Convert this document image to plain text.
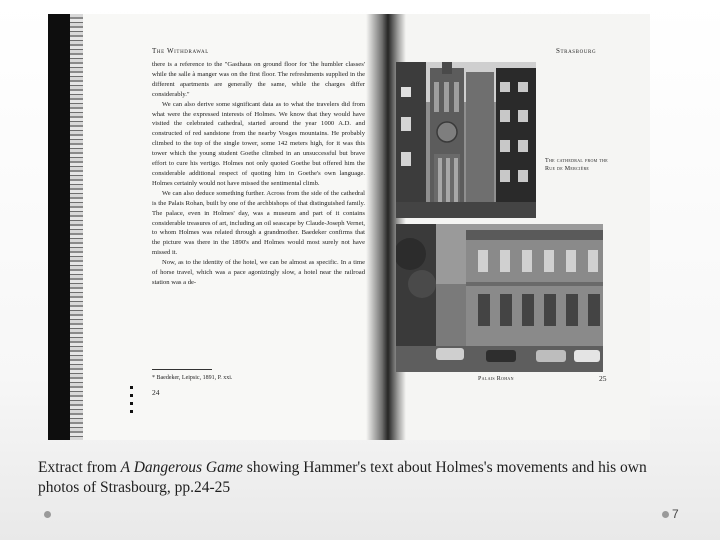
The Withdrawal

there is a reference to the "Gasthaus on ground floor for 'the humbler classes' while the salle à manger was on the first floor. The refreshments supplied in the different apartments are generally the same, while the charges differ considerably."

We can also derive some significant data as to what the travelers did from what were the expressed interests of Holmes. We know that they would have visited the celebrated cathedral, started around the year 1000 A.D. and constructed of red sandstone from the nearby Vosges mountains. He probably climbed to the top of the single tower, some 142 meters high, for it was this tower which the young student Goethe climbed in an unsuccessful but brave effort to cure his vertigo. Holmes not only quoted Goethe but offered him the considerable additional respect of quoting him in Goethe's own language. Holmes certainly would not have missed the sentimental climb.

We can also deduce something further. Across from the side of the cathedral is the Palais Rohan, built by one of the archbishops of that distinguished family. The palace, even in Holmes' day, was a museum and part of it contains considerable treasures of art, including an oil seascape by Claude-Joseph Vernet, to whom Holmes was related through a grandmother. Baedeker confirms that the picture was there in the 1890's and Holmes would most surely not have missed it.

Now, as to the identity of the hotel, we can be almost as specific. In a time of horse travel, which was a pace agonizingly slow, a hotel near the railroad station was a de-

* Baedeker, Leipsic, 1891, P. xxi.
24
Strasbourg
The cathedral from the Rue de Mercière
Palais Rohan	25
Extract from A Dangerous Game showing Hammer's text about Holmes's movements and his own photos of Strasbourg, pp.24-25
7
